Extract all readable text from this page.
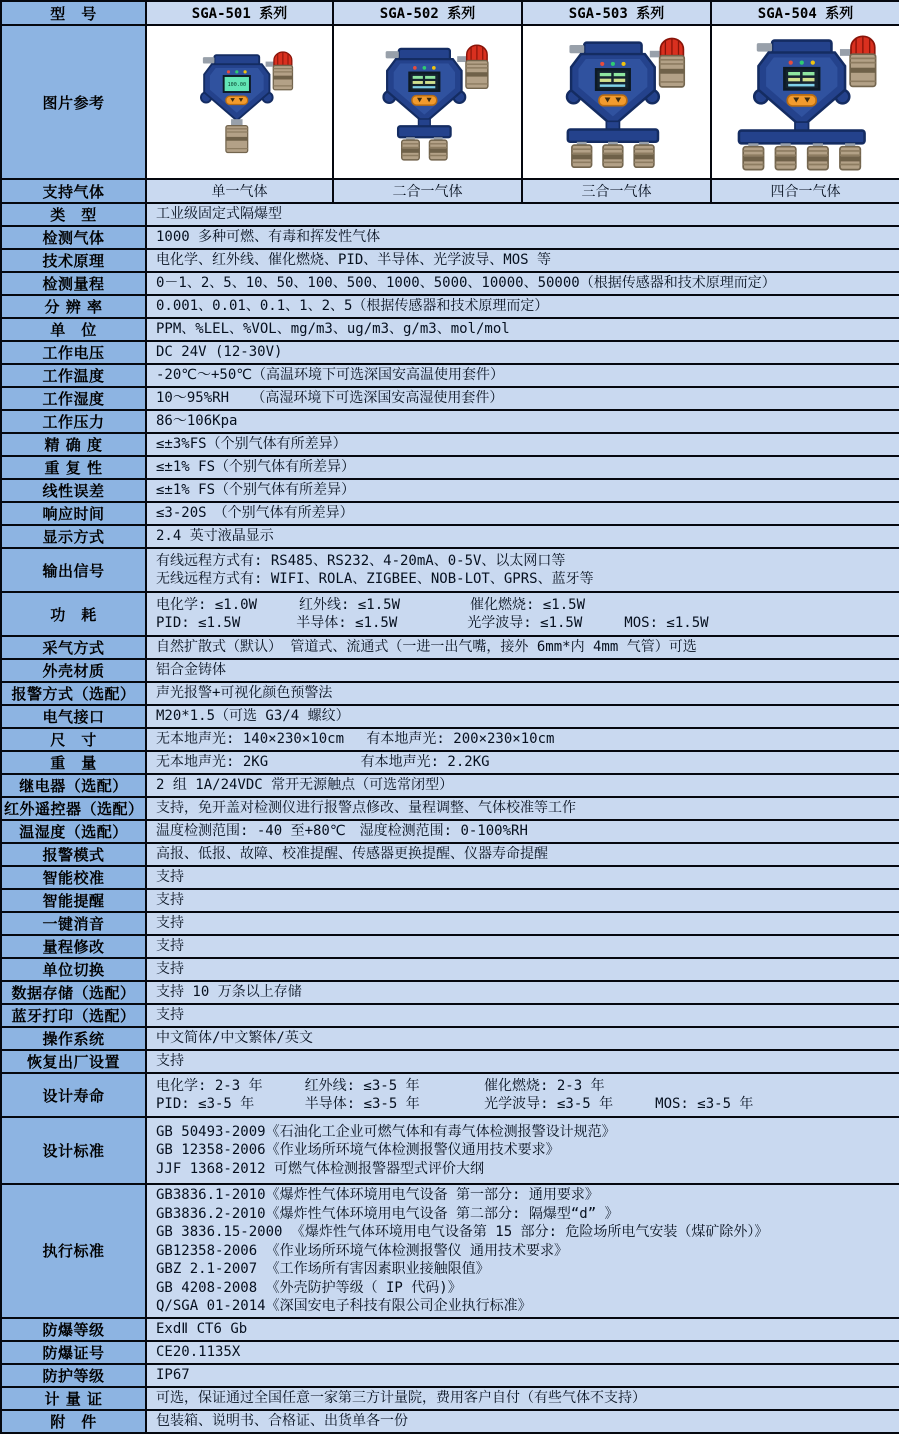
型　号	SGA-501 系列	SGA-502 系列	SGA-503 系列	SGA-504 系列
图片参考	100.00

支持气体	单一气体	二合一气体	三合一气体	四合一气体
类　型	工业级固定式隔爆型			

检测气体	1000 多种可燃、有毒和挥发性气体			

技术原理	电化学、红外线、催化燃烧、PID、半导体、光学波导、MOS 等			

检测量程	0－1、2、5、10、50、100、500、1000、5000、10000、50000（根据传感器和技术原理而定）			

分 辨 率	0.001、0.01、0.1、1、2、5（根据传感器和技术原理而定）			

单　位	PPM、%LEL、%VOL、mg/m3、ug/m3、g/m3、mol/mol			

工作电压	DC 24V (12-30V)			

工作温度	-20℃～+50℃（高温环境下可选深国安高温使用套件）			

工作湿度	10～95%RH　 （高湿环境下可选深国安高湿使用套件）			

工作压力	86～106Kpa			

精 确 度	≤±3%FS（个别气体有所差异）			

重 复 性	≤±1% FS（个别气体有所差异）			

线性误差	≤±1% FS（个别气体有所差异）			

响应时间	≤3-20S　（个别气体有所差异）			

显示方式	2.4 英寸液晶显示			

输出信号	有线远程方式有: RS485、RS232、4-20mA、0-5V、以太网口等
无线远程方式有: WIFI、ROLA、ZIGBEE、NOB-LOT、GPRS、蓝牙等			

功　耗	电化学: ≤1.0W　　　红外线: ≤1.5W　　　　　催化燃烧: ≤1.5W
PID: ≤1.5W　　　　半导体: ≤1.5W　　　　　光学波导: ≤1.5W　　　MOS: ≤1.5W			

采气方式	自然扩散式（默认） 管道式、流通式（一进一出气嘴，接外 6mm*内 4mm 气管）可选			

外壳材质	铝合金铸体			

报警方式（选配）	声光报警+可视化颜色预警法			

电气接口	M20*1.5（可选 G3/4 螺纹）			

尺　寸	无本地声光: 140×230×10cm　 有本地声光: 200×230×10cm			

重　量	无本地声光: 2KG　　　　　　 有本地声光: 2.2KG			

继电器（选配）	2 组 1A/24VDC 常开无源触点（可选常闭型）			

红外遥控器（选配）	支持，免开盖对检测仪进行报警点修改、量程调整、气体校准等工作			

温湿度（选配）	温度检测范围: -40 至+80℃　湿度检测范围: 0-100%RH			

报警模式	高报、低报、故障、校准提醒、传感器更换提醒、仪器寿命提醒			

智能校准	支持			

智能提醒	支持			

一键消音	支持			

量程修改	支持			

单位切换	支持			

数据存储（选配）	支持 10 万条以上存储			

蓝牙打印（选配）	支持			

操作系统	中文简体/中文繁体/英文			

恢复出厂设置	支持			

设计寿命	电化学: 2-3 年　　　红外线: ≤3-5 年　　　　 催化燃烧: 2-3 年
PID: ≤3-5 年　　　 半导体: ≤3-5 年　　　　 光学波导: ≤3-5 年　　　MOS: ≤3-5 年			

设计标准	GB 50493-2009《石油化工企业可燃气体和有毒气体检测报警设计规范》
GB 12358-2006《作业场所环境气体检测报警仪通用技术要求》
JJF 1368-2012 可燃气体检测报警器型式评价大纲			

执行标准	
GB3836.1-2010《爆炸性气体环境用电气设备 第一部分: 通用要求》
GB3836.2-2010《爆炸性气体环境用电气设备 第二部分: 隔爆型“d” 》
GB 3836.15-2000 《爆炸性气体环境用电气设备第 15 部分: 危险场所电气安装（煤矿除外）》
GB12358-2006 《作业场所环境气体检测报警仪 通用技术要求》
GBZ 2.1-2007 《工作场所有害因素职业接触限值》
GB 4208-2008 《外壳防护等级（ IP 代码)》
Q/SGA 01-2014《深国安电子科技有限公司企业执行标准》

防爆等级	ExdⅡ CT6 Gb			

防爆证号	CE20.1135X			

防护等级	IP67			

计 量 证	可选，保证通过全国任意一家第三方计量院，费用客户自付（有些气体不支持）			

附　件	包装箱、说明书、合格证、出货单各一份			
